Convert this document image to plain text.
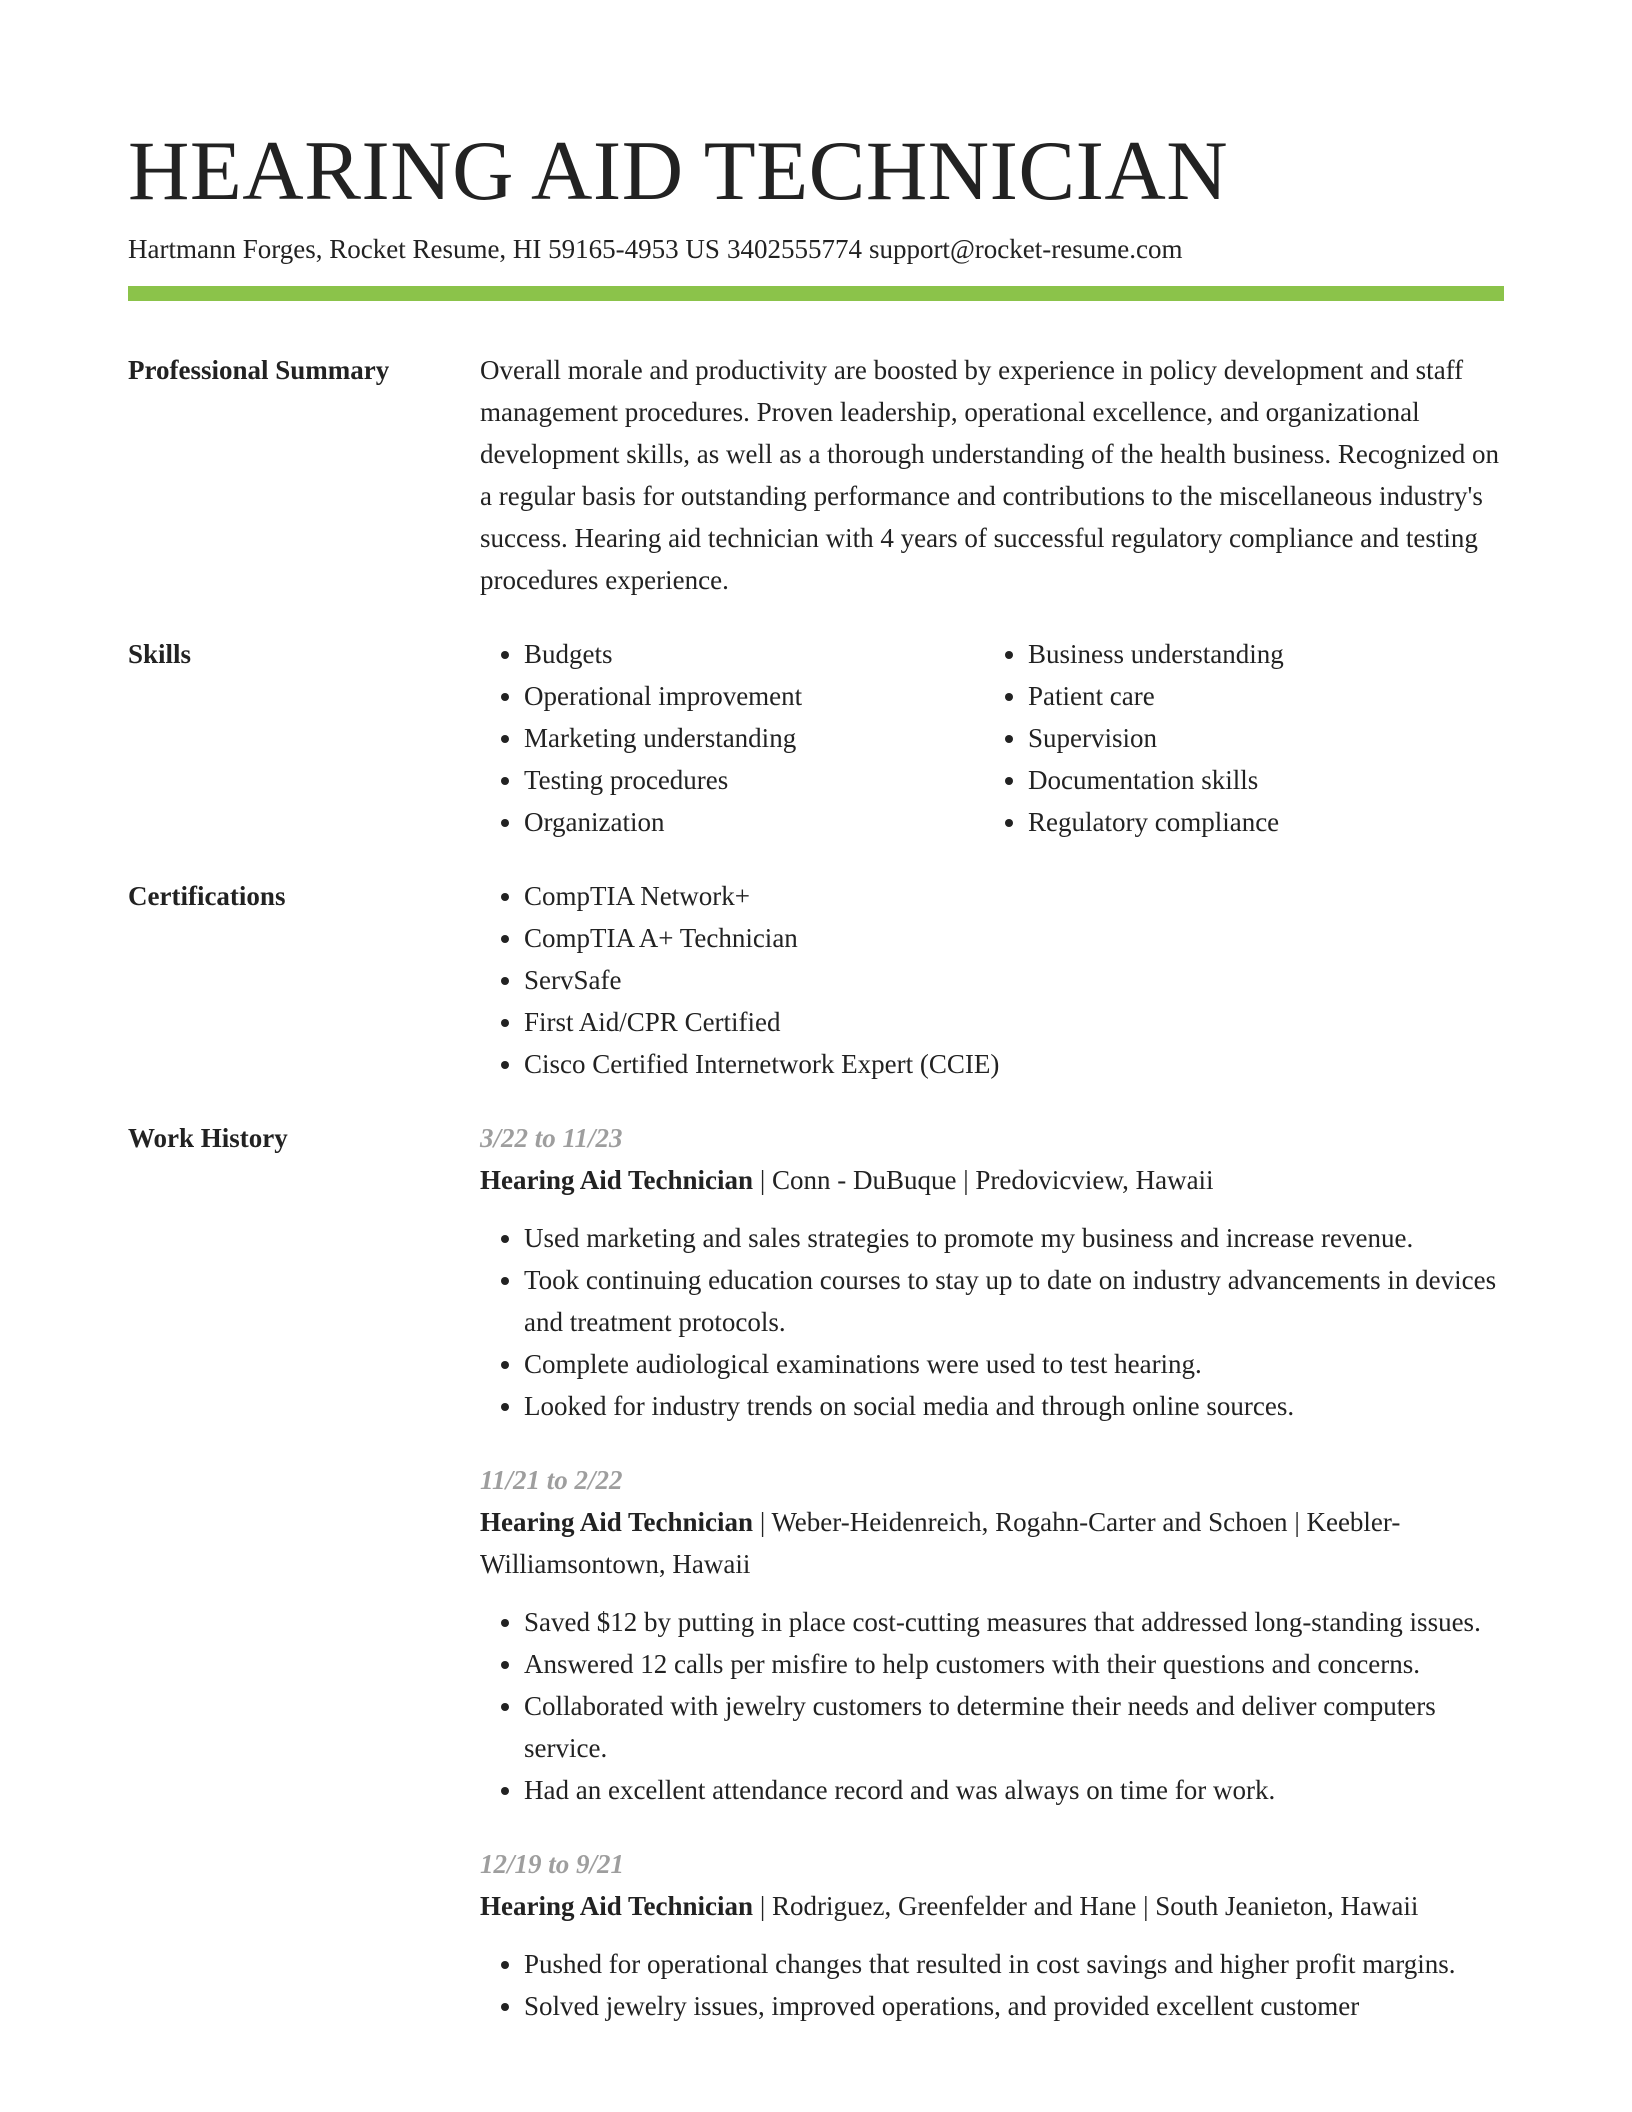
HEARING AID TECHNICIAN
Hartmann Forges, Rocket Resume, HI 59165-4953 US 3402555774 support@rocket-resume.com
Professional Summary	Overall morale and productivity are boosted by experience in policy development and staff management procedures. Proven leadership, operational excellence, and organizational development skills, as well as a thorough understanding of the health business. Recognized on a regular basis for outstanding performance and contributions to the miscellaneous industry's success. Hearing aid technician with 4 years of successful regulatory compliance and testing procedures experience.

Skills	• Budgets
• Operational improvement
• Marketing understanding
• Testing procedures
• Organization
• Business understanding
• Patient care
• Supervision
• Documentation skills
• Regulatory compliance
Certifications	• CompTIA Network+
• CompTIA A+ Technician
• ServSafe
• First Aid/CPR Certified
• Cisco Certified Internetwork Expert (CCIE)
Work History	3/22 to 11/23
Hearing Aid Technician | Conn - DuBuque | Predovicview, Hawaii
• Used marketing and sales strategies to promote my business and increase revenue.
• Took continuing education courses to stay up to date on industry advancements in devices and treatment protocols.
• Complete audiological examinations were used to test hearing.
• Looked for industry trends on social media and through online sources.
11/21 to 2/22
Hearing Aid Technician | Weber-Heidenreich, Rogahn-Carter and Schoen | Keebler-Williamsontown, Hawaii
• Saved $12 by putting in place cost-cutting measures that addressed long-standing issues.
• Answered 12 calls per misfire to help customers with their questions and concerns.
• Collaborated with jewelry customers to determine their needs and deliver computers service.
• Had an excellent attendance record and was always on time for work.
12/19 to 9/21
Hearing Aid Technician | Rodriguez, Greenfelder and Hane | South Jeanieton, Hawaii
• Pushed for operational changes that resulted in cost savings and higher profit margins.
• Solved jewelry issues, improved operations, and provided excellent customer
